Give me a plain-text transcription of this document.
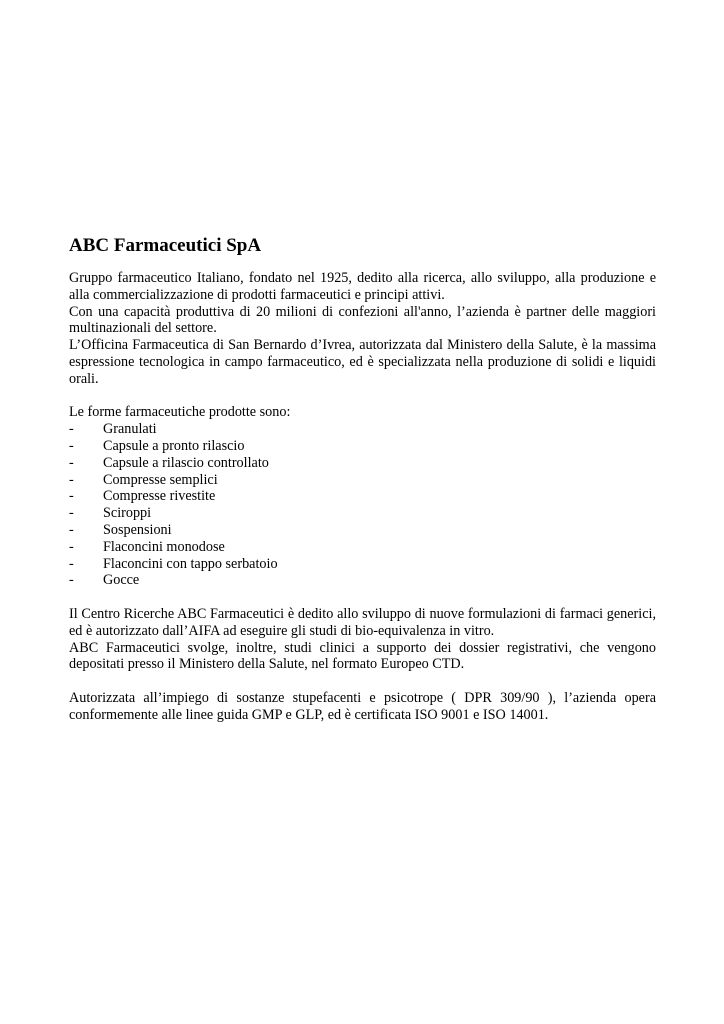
ABC Farmaceutici SpA

Gruppo farmaceutico Italiano, fondato nel 1925, dedito alla ricerca, allo sviluppo, alla produzione e alla commercializzazione di prodotti farmaceutici e principi attivi.

Con una capacità produttiva di 20 milioni di confezioni all'anno, l’azienda è partner delle maggiori multinazionali del settore.

L’Officina Farmaceutica di San Bernardo d’Ivrea, autorizzata dal Ministero della Salute, è la massima espressione tecnologica in campo farmaceutico, ed è specializzata nella produzione di solidi e liquidi orali.

Le forme farmaceutiche prodotte sono:

-	Granulati
-	Capsule a pronto rilascio
-	Capsule a rilascio controllato
-	Compresse semplici
-	Compresse rivestite
-	Sciroppi
-	Sospensioni
-	Flaconcini monodose
-	Flaconcini con tappo serbatoio
-	Gocce

Il Centro Ricerche ABC Farmaceutici è dedito allo sviluppo di nuove formulazioni di farmaci generici, ed è autorizzato dall’AIFA ad eseguire gli studi di bio-equivalenza in vitro.

ABC Farmaceutici svolge, inoltre, studi clinici a supporto dei dossier registrativi, che vengono depositati presso il Ministero della Salute, nel formato Europeo CTD.

Autorizzata all’impiego di sostanze stupefacenti e psicotrope ( DPR 309/90 ), l’azienda opera conformemente alle linee guida GMP e GLP, ed è certificata ISO 9001 e ISO 14001.
